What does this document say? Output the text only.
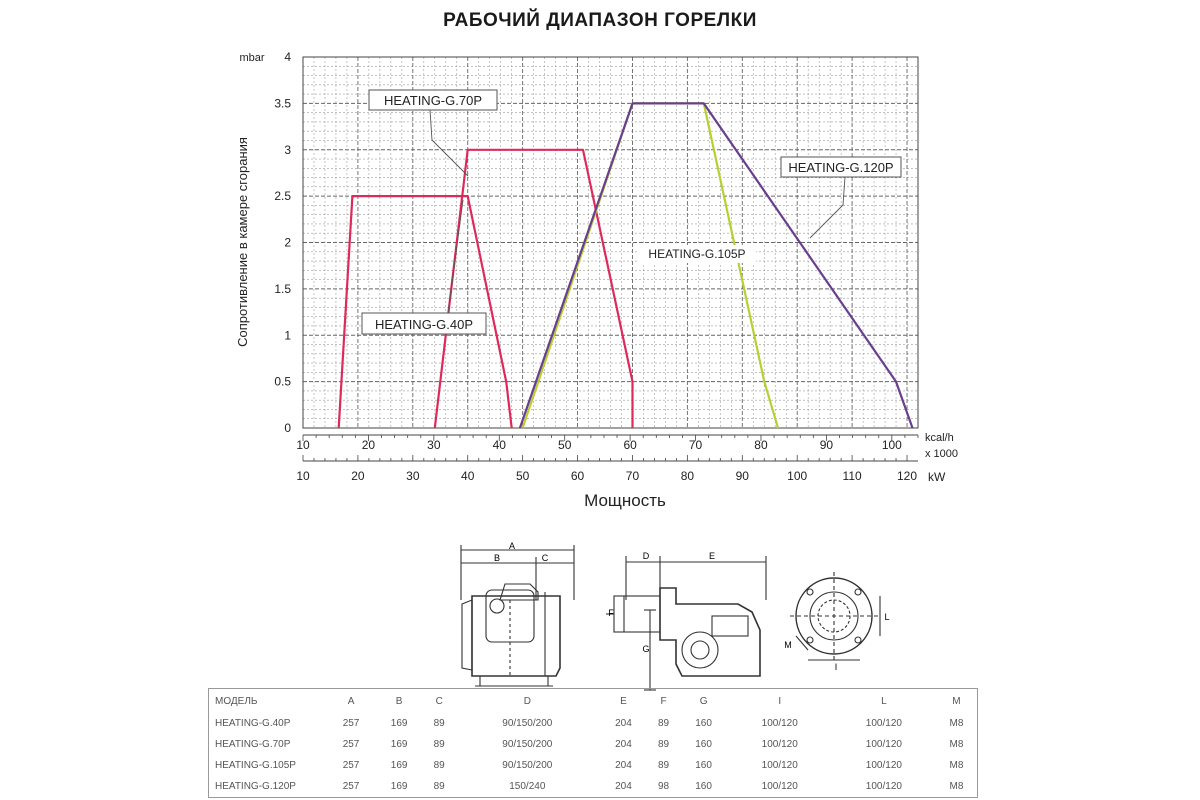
РАБОЧИЙ ДИАПАЗОН ГОРЕЛКИ
0
0.5
1
1.5
2
2.5
3
3.5
4
mbar
Сопротивление в камере сгорания
10	20	30	40	50	60	70	80	90	100 kcal/h
x 1000
10	20	30	40	50	60	70	80	90	100	110	120 kW
Мощность
HEATING-G.70P
HEATING-G.40P
HEATING-G.120P
HEATING-G.105P
A
B	C	D	E
F
G
I
L
M
МОДЕЛЬ	A	B	C	D	E	F	G	I	L	M
HEATING-G.40P	257	169	89	90/150/200	204	89	160	100/120	100/120	M8
HEATING-G.70P	257	169	89	90/150/200	204	89	160	100/120	100/120	M8
HEATING-G.105P	257	169	89	90/150/200	204	89	160	100/120	100/120	M8
HEATING-G.120P	257	169	89	150/240	204	98	160	100/120	100/120	M8
